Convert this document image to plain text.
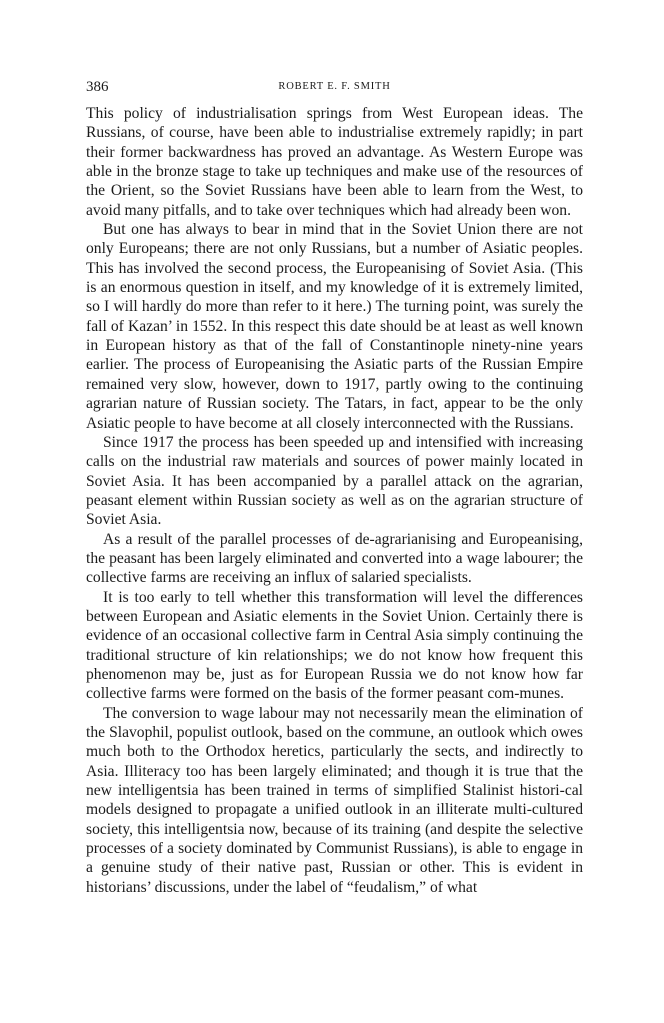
386	ROBERT E. F. SMITH

This policy of industrialisation springs from West European ideas. The Russians, of course, have been able to industrialise extremely rapidly; in part their former backwardness has proved an advantage. As Western Europe was able in the bronze stage to take up techniques and make use of the resources of the Orient, so the Soviet Russians have been able to learn from the West, to avoid many pitfalls, and to take over techniques which had already been won.

But one has always to bear in mind that in the Soviet Union there are not only Europeans; there are not only Russians, but a number of Asiatic peoples. This has involved the second process, the Europeanising of Soviet Asia. (This is an enormous question in itself, and my knowledge of it is extremely limited, so I will hardly do more than refer to it here.) The turning point, was surely the fall of Kazan’ in 1552. In this respect this date should be at least as well known in European history as that of the fall of Constantinople ninety-nine years earlier. The process of Europeanising the Asiatic parts of the Russian Empire remained very slow, however, down to 1917, partly owing to the continuing agrarian nature of Russian society. The Tatars, in fact, appear to be the only Asiatic people to have become at all closely interconnected with the Russians.

Since 1917 the process has been speeded up and intensified with increasing calls on the industrial raw materials and sources of power mainly located in Soviet Asia. It has been accompanied by a parallel attack on the agrarian, peasant element within Russian society as well as on the agrarian structure of Soviet Asia.

As a result of the parallel processes of de-agrarianising and Europeanising, the peasant has been largely eliminated and converted into a wage labourer; the collective farms are receiving an influx of salaried specialists.

It is too early to tell whether this transformation will level the differences between European and Asiatic elements in the Soviet Union. Certainly there is evidence of an occasional collective farm in Central Asia simply continuing the traditional structure of kin relationships; we do not know how frequent this phenomenon may be, just as for European Russia we do not know how far collective farms were formed on the basis of the former peasant com-munes.

The conversion to wage labour may not necessarily mean the elimination of the Slavophil, populist outlook, based on the commune, an outlook which owes much both to the Orthodox heretics, particularly the sects, and indirectly to Asia. Illiteracy too has been largely eliminated; and though it is true that the new intelligentsia has been trained in terms of simplified Stalinist histori-cal models designed to propagate a unified outlook in an illiterate multi-cultured society, this intelligentsia now, because of its training (and despite the selective processes of a society dominated by Communist Russians), is able to engage in a genuine study of their native past, Russian or other. This is evident in historians’ discussions, under the label of “feudalism,” of what
